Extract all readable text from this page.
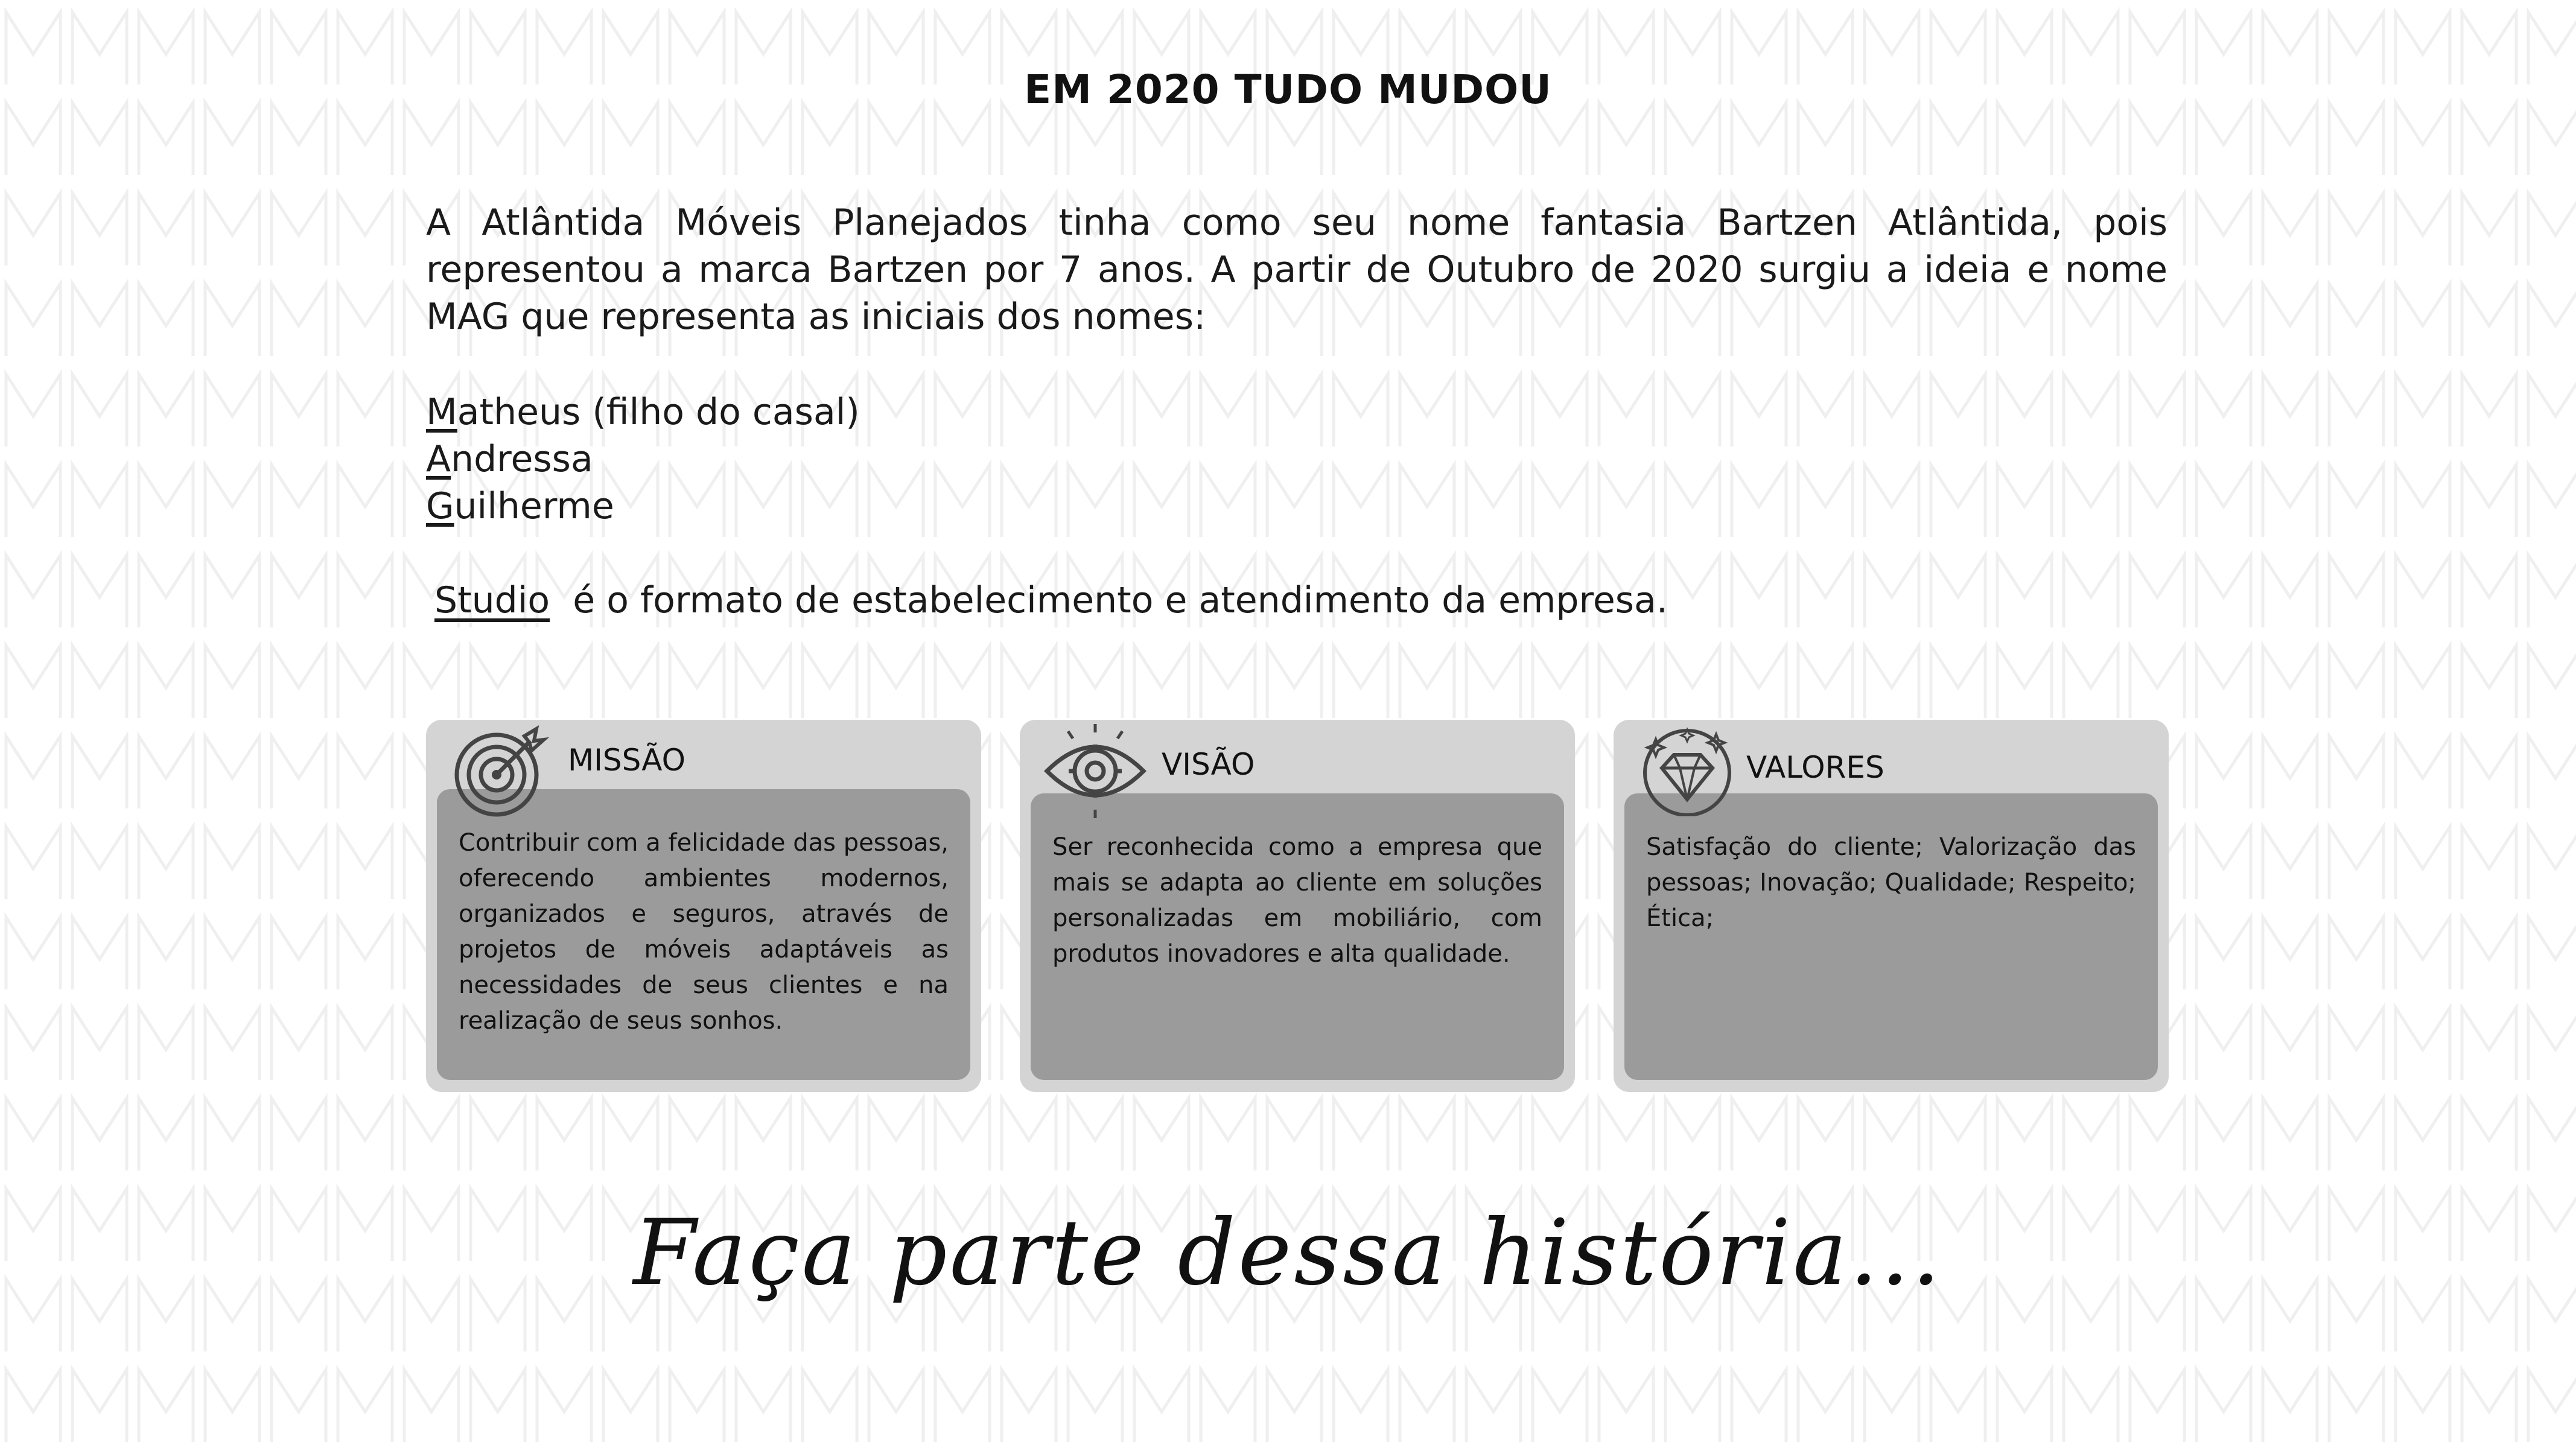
EM 2020 TUDO MUDOU

A Atlântida Móveis Planejados tinha como seu nome fantasia Bartzen Atlântida, pois representou a marca Bartzen por 7 anos. A partir de Outubro de 2020 surgiu a ideia e nome MAG que representa as iniciais dos nomes:

Matheus (filho do casal)
Andressa
Guilherme
Studio é o formato de estabelecimento e atendimento da empresa.

Contribuir com a felicidade das pessoas, oferecendo ambientes modernos, organizados e seguros, através de projetos de móveis adaptáveis as necessidades de seus clientes e na realização de seus sonhos.

MISSÃO

Ser reconhecida como a empresa que mais se adapta ao cliente em soluções personalizadas em mobiliário, com produtos inovadores e alta qualidade.

VISÃO

Satisfação do cliente; Valorização das pessoas; Inovação; Qualidade; Respeito; Ética;

VALORES
Faça parte dessa história...
